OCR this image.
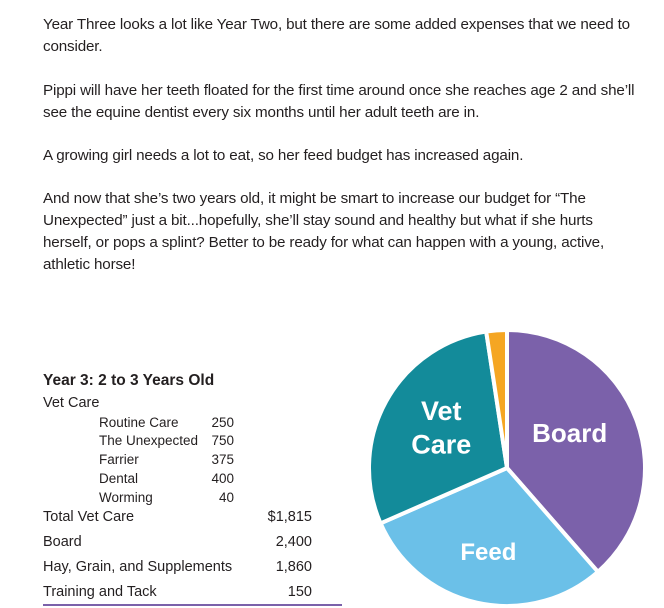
Year Three looks a lot like Year Two, but there are some added expenses that we need to consider.

Pippi will have her teeth floated for the first time around once she reaches age 2 and she’ll see the equine dentist every six months until her adult teeth are in.

A growing girl needs a lot to eat, so her feed budget has increased again.

And now that she’s two years old, it might be smart to increase our budget for “The Unexpected” just a bit...hopefully, she’ll stay sound and healthy but what if she hurts herself, or pops a splint? Better to be ready for what can happen with a young, active, athletic horse!

Year 3: 2 to 3 Years Old
Vet Care
Routine Care 250
The Unexpected 750
Farrier	375
Dental	400
Worming	40
Total Vet Care	$1,815
Board	2,400
Hay, Grain, and Supplements	1,860
Training and Tack	150
Board
Feed
Vet Care
